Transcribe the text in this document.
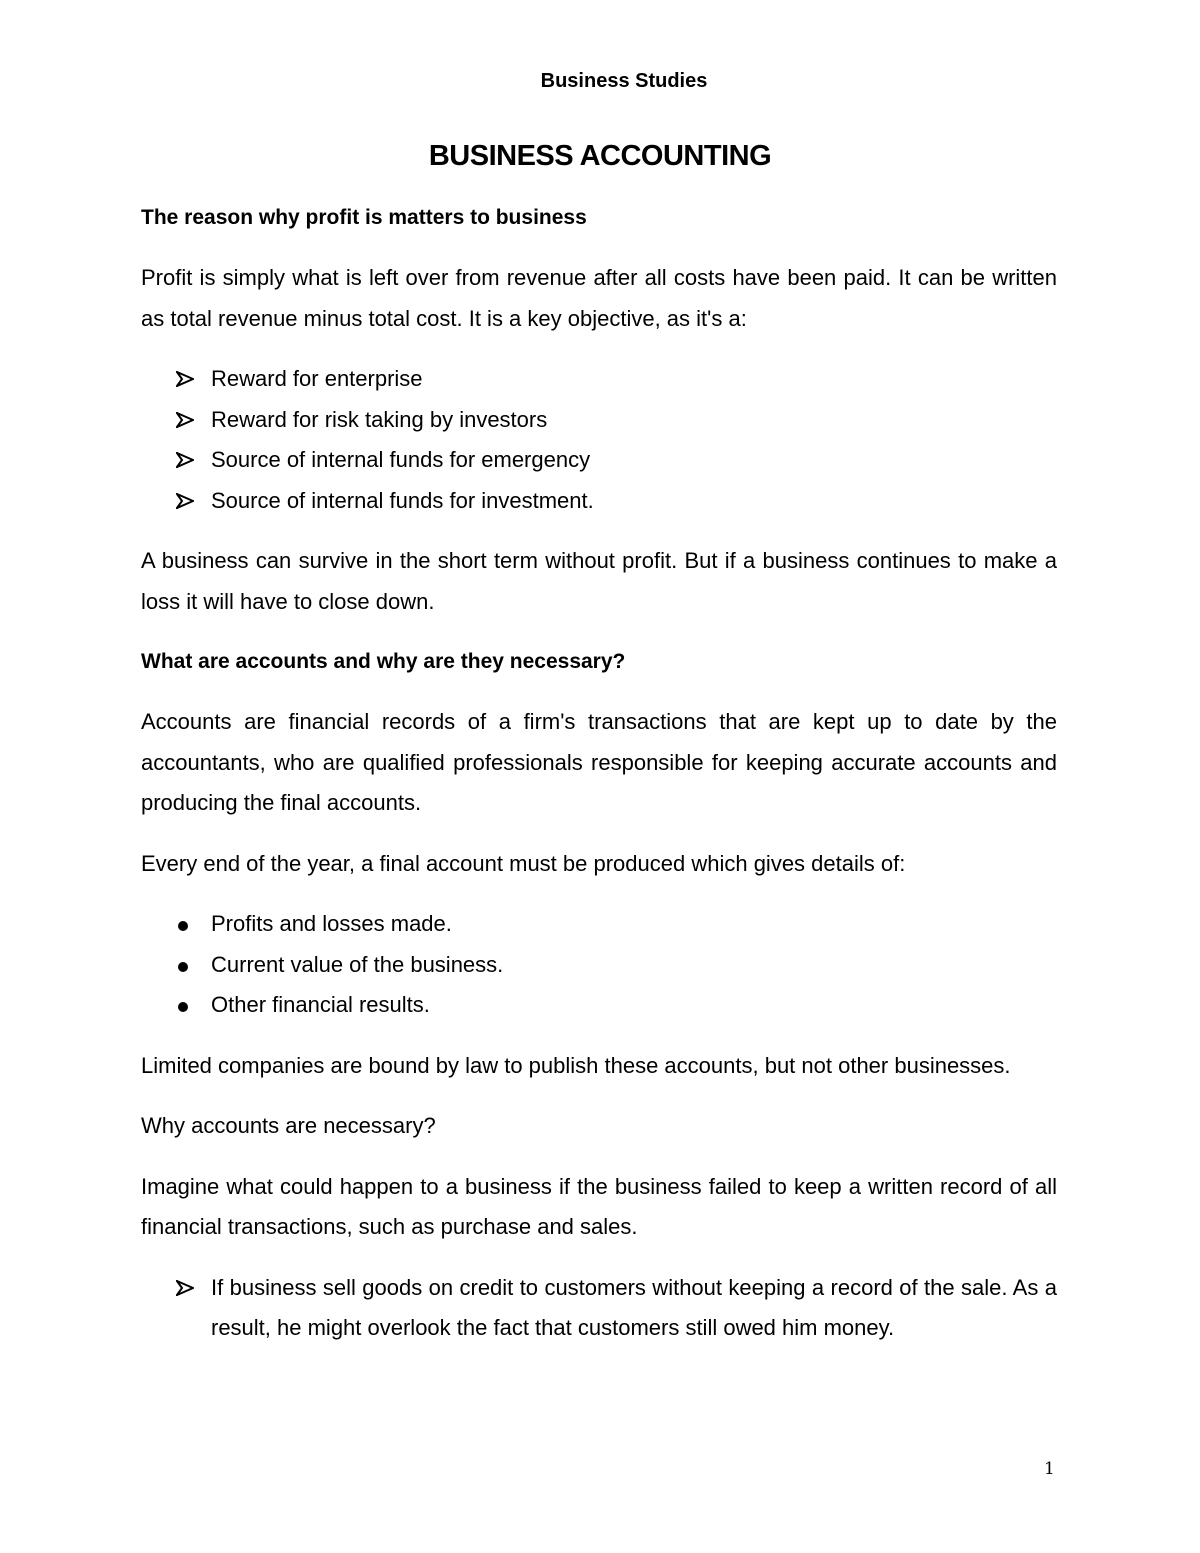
Business Studies
BUSINESS ACCOUNTING
The reason why profit is matters to business

Profit is simply what is left over from revenue after all costs have been paid. It can be written as total revenue minus total cost. It is a key objective, as it's a:

Reward for enterprise
Reward for risk taking by investors
Source of internal funds for emergency
Source of internal funds for investment.

A business can survive in the short term without profit. But if a business continues to make a loss it will have to close down.

What are accounts and why are they necessary?

Accounts are financial records of a firm's transactions that are kept up to date by the accountants, who are qualified professionals responsible for keeping accurate accounts and producing the final accounts.

Every end of the year, a final account must be produced which gives details of:

Profits and losses made.
Current value of the business.
Other financial results.

Limited companies are bound by law to publish these accounts, but not other businesses.

Why accounts are necessary?

Imagine what could happen to a business if the business failed to keep a written record of all financial transactions, such as purchase and sales.

If business sell goods on credit to customers without keeping a record of the sale. As a result, he might overlook the fact that customers still owed him money.
1
